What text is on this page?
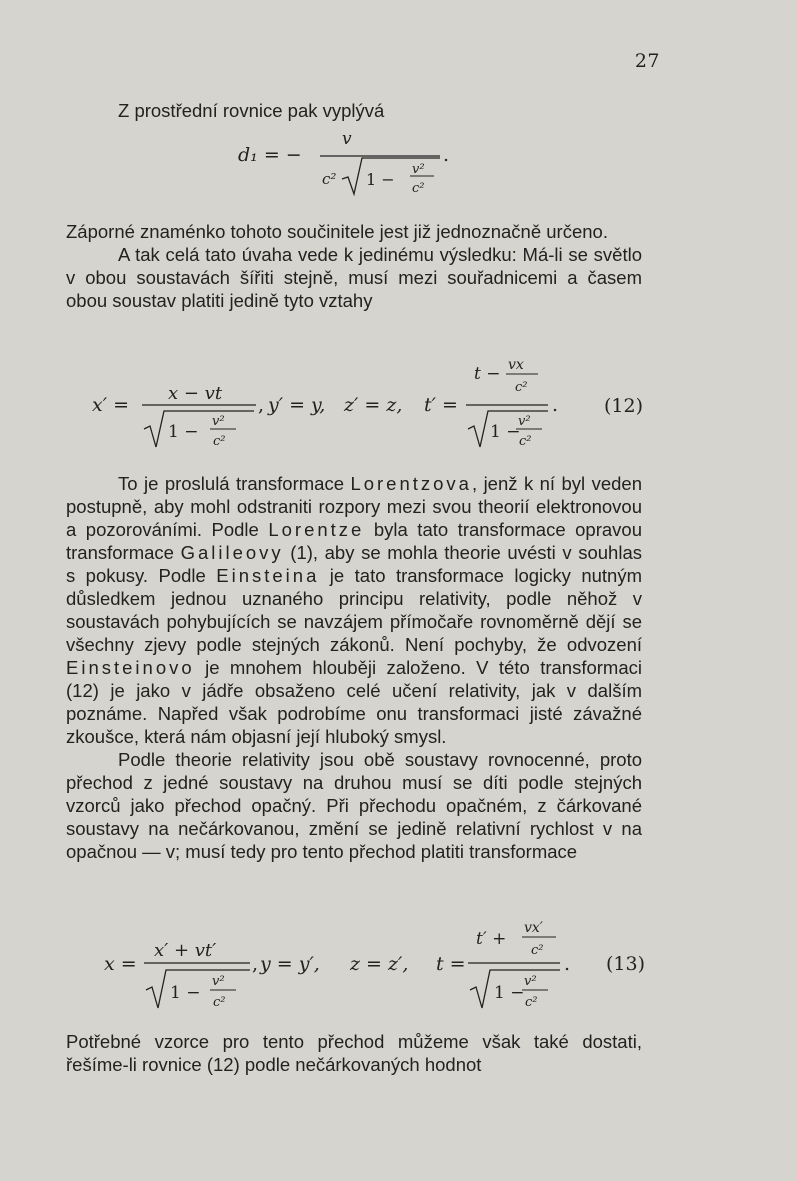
27

Z prostřední rovnice pak vyplývá

d₁ = −
v
c² 1 −
v²
c²
.

Záporné znaménko tohoto součinitele jest již jednoznačně určeno.

A tak celá tato úvaha vede k jedinému výsledku: Má-li se světlo v obou soustavách šířiti stejně, musí mezi souřadnicemi a časem obou soustav platiti jedině tyto vztahy

x′ =
x − vt
1 −
v²
c²
, y′ = y, z′ = z, t′ =
t − vx
c²
1 −
v²
c²
. (12)

To je proslulá transformace Lorentzova, jenž k ní byl veden postupně, aby mohl odstraniti rozpory mezi svou theorií elektronovou a pozorováními. Podle Lorentze byla tato transformace opravou transformace Galileovy (1), aby se mohla theorie uvésti v souhlas s pokusy. Podle Einsteina je tato transformace logicky nutným důsledkem jednou uznaného principu relativity, podle něhož v soustavách pohybujících se navzájem přímočaře rovnoměrně dějí se všechny zjevy podle stejných zákonů. Není pochyby, že odvození Einsteinovo je mnohem hlouběji založeno. V této transformaci (12) je jako v jádře obsaženo celé učení relativity, jak v dalším poznáme. Napřed však podrobíme onu transformaci jisté závažné zkoušce, která nám objasní její hluboký smysl.

Podle theorie relativity jsou obě soustavy rovnocenné, proto přechod z jedné soustavy na druhou musí se díti podle stejných vzorců jako přechod opačný. Při přechodu opačném, z čárkované soustavy na nečárkovanou, změní se jedině relativní rychlost v na opačnou — v; musí tedy pro tento přechod platiti transformace

x =
x′ + vt′
1 −
v²
c²
, y = y′, z = z′, t =
t′ +
vx′
c²
1 −
v²
c²
. (13)

Potřebné vzorce pro tento přechod můžeme však také dostati, řešíme-li rovnice (12) podle nečárkovaných hodnot
